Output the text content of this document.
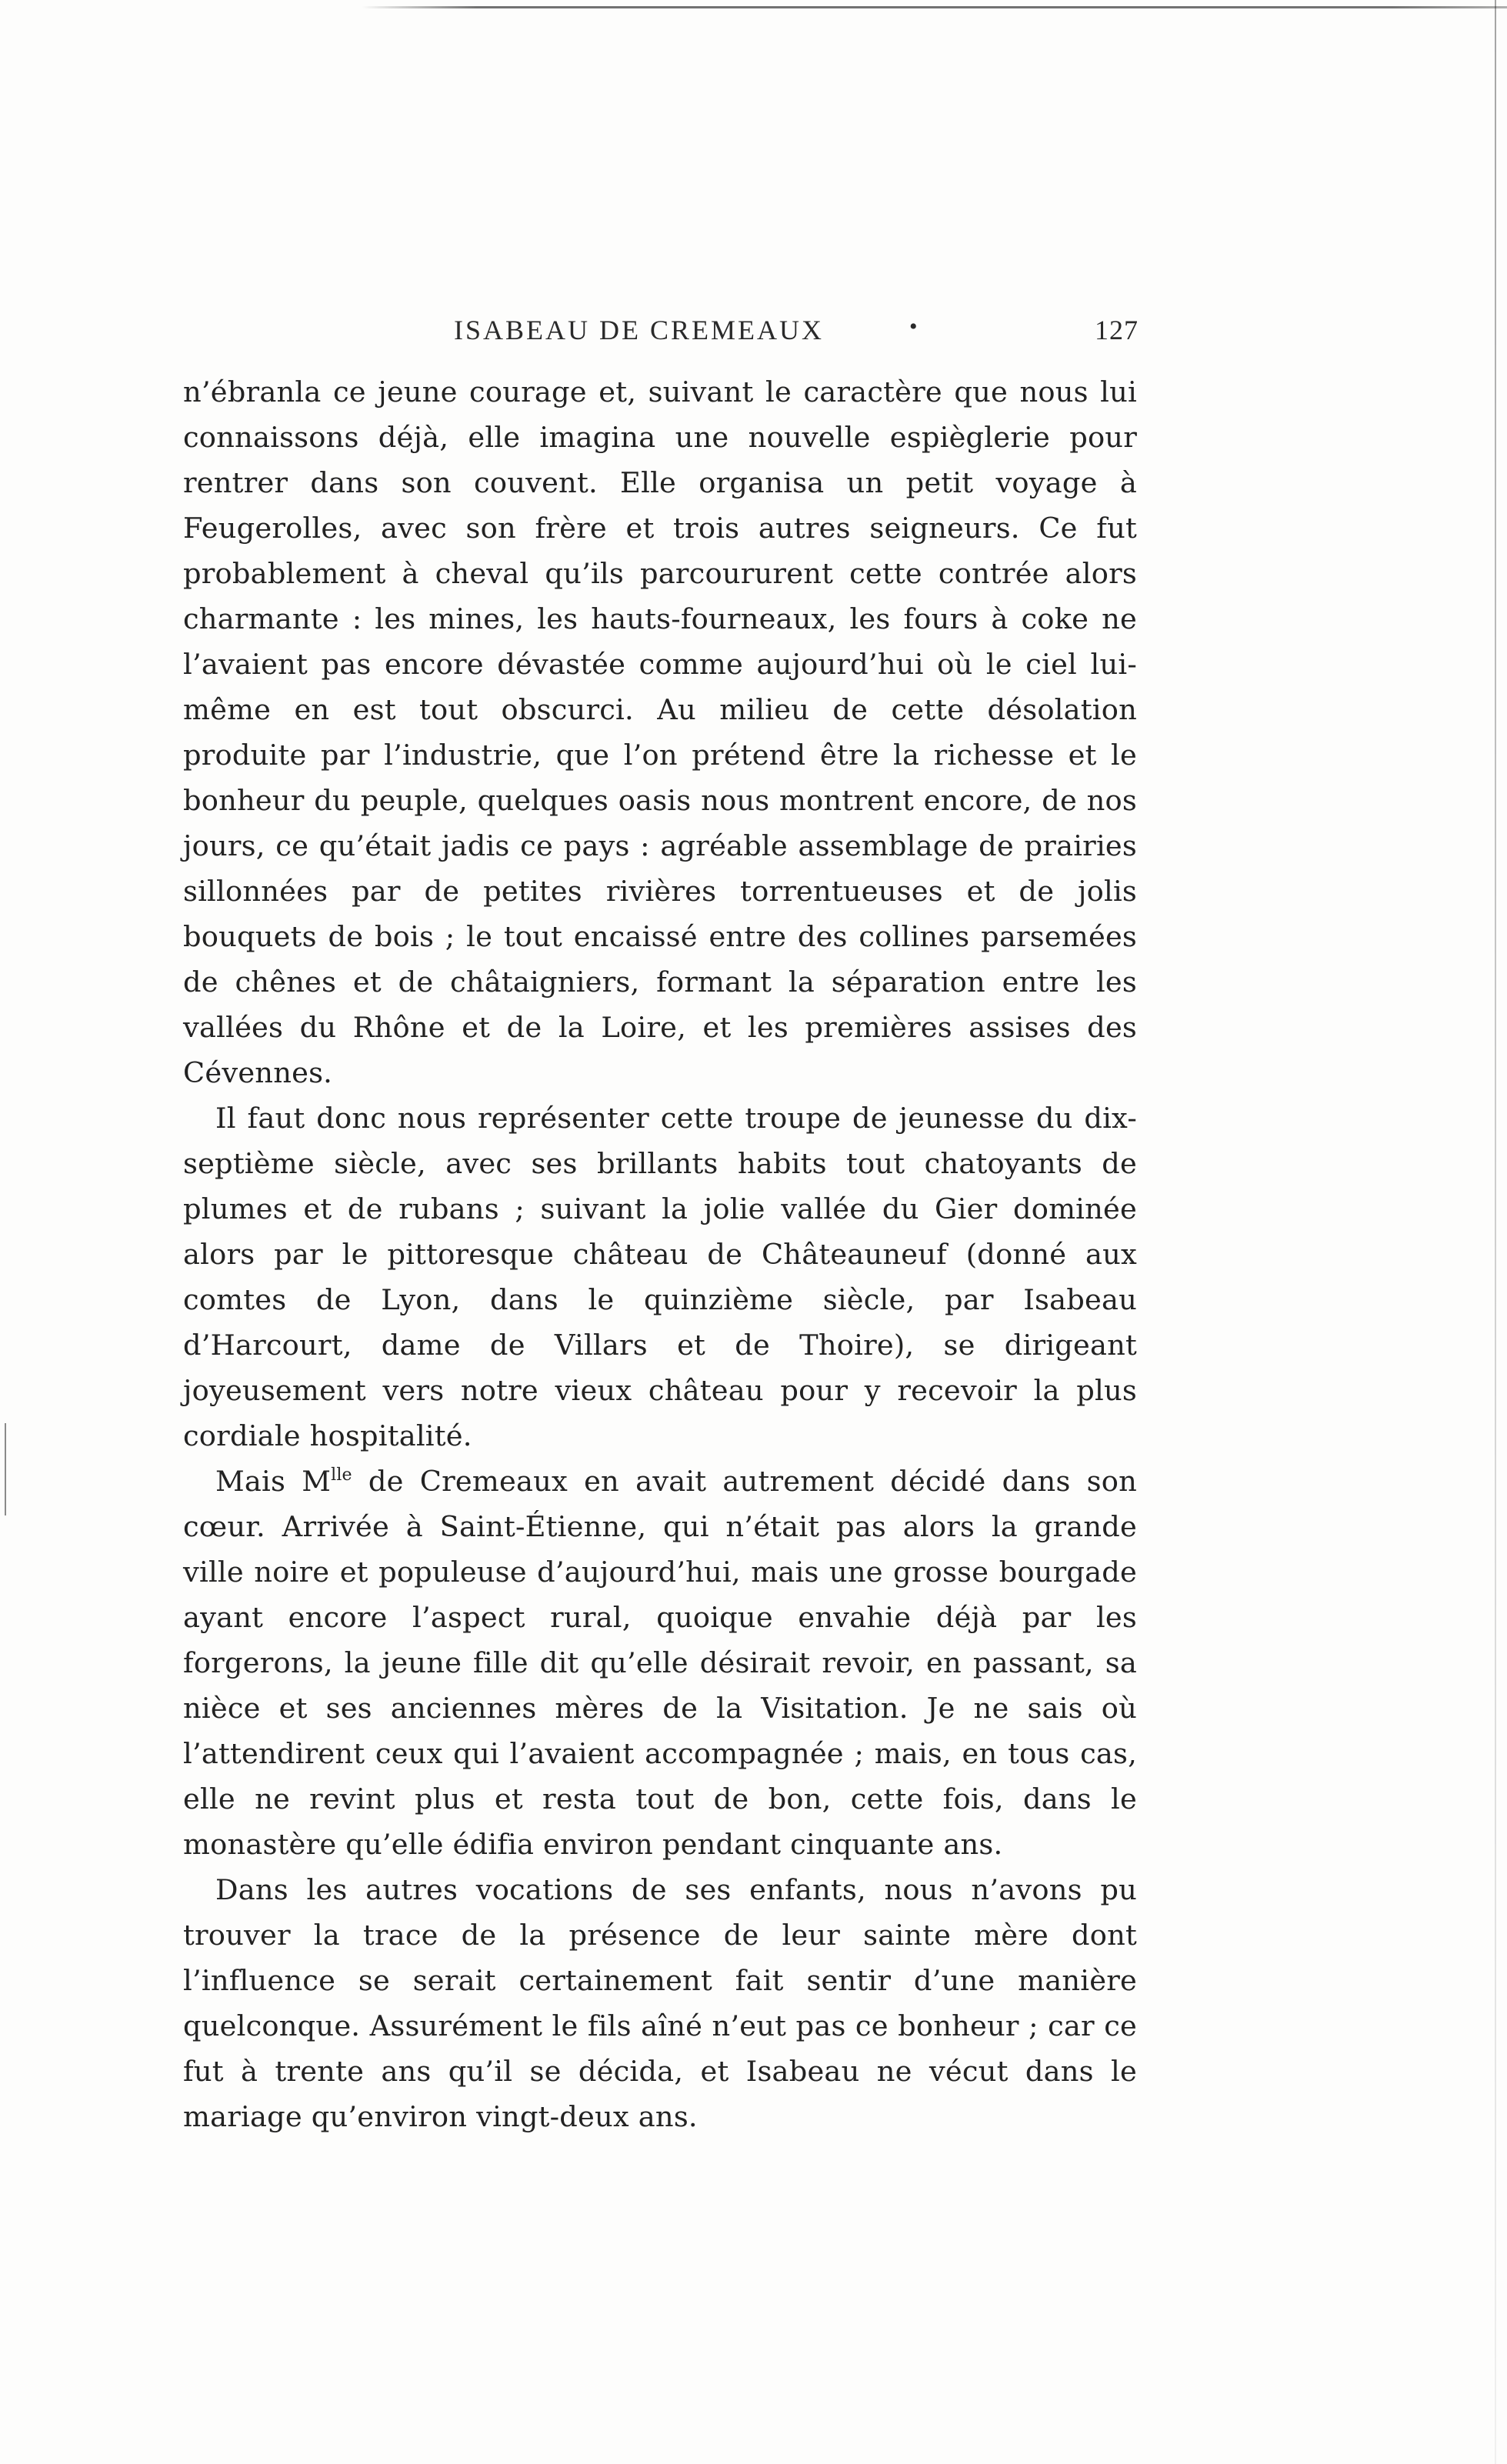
ISABEAU DE CREMEAUX	•	127

n’ébranla ce jeune courage et, suivant le caractère que nous lui connaissons déjà, elle imagina une nouvelle espièglerie pour rentrer dans son couvent. Elle organisa un petit voyage à Feugerolles, avec son frère et trois autres seigneurs. Ce fut probablement à cheval qu’ils parcoururent cette contrée alors charmante : les mines, les hauts-fourneaux, les fours à coke ne l’avaient pas encore dévastée comme aujourd’hui où le ciel lui-même en est tout obscurci. Au milieu de cette désolation produite par l’industrie, que l’on prétend être la richesse et le bonheur du peuple, quelques oasis nous montrent encore, de nos jours, ce qu’était jadis ce pays : agréable assemblage de prairies sillonnées par de petites rivières torrentueuses et de jolis bouquets de bois ; le tout encaissé entre des collines parsemées de chênes et de châtaigniers, formant la séparation entre les vallées du Rhône et de la Loire, et les premières assises des Cévennes.

Il faut donc nous représenter cette troupe de jeunesse du dix-septième siècle, avec ses brillants habits tout chatoyants de plumes et de rubans ; suivant la jolie vallée du Gier dominée alors par le pittoresque château de Châteauneuf (donné aux comtes de Lyon, dans le quinzième siècle, par Isabeau d’Harcourt, dame de Villars et de Thoire), se dirigeant joyeusement vers notre vieux château pour y recevoir la plus cordiale hospitalité.

Mais $M^{lle}$ de Cremeaux en avait autrement décidé dans son cœur. Arrivée à Saint-Étienne, qui n’était pas alors la grande ville noire et populeuse d’aujourd’hui, mais une grosse bourgade ayant encore l’aspect rural, quoique envahie déjà par les forgerons, la jeune fille dit qu’elle désirait revoir, en passant, sa nièce et ses anciennes mères de la Visitation. Je ne sais où l’attendirent ceux qui l’avaient accompagnée ; mais, en tous cas, elle ne revint plus et resta tout de bon, cette fois, dans le monastère qu’elle édifia environ pendant cinquante ans.

Dans les autres vocations de ses enfants, nous n’avons pu trouver la trace de la présence de leur sainte mère dont l’influence se serait certainement fait sentir d’une manière quelconque. Assurément le fils aîné n’eut pas ce bonheur ; car ce fut à trente ans qu’il se décida, et Isabeau ne vécut dans le mariage qu’environ vingt-deux ans.
